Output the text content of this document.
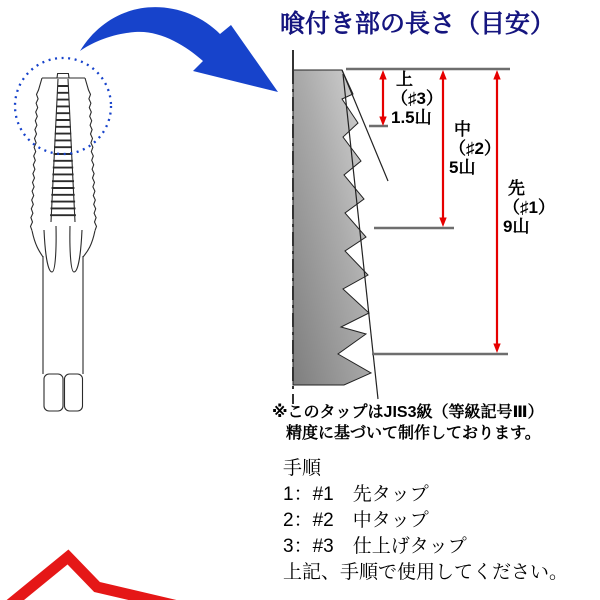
喰付き部の長さ（目安）
上
（♯3）
1.5山
中
（♯2）
5山
先
（♯1）
9山
※このタップはJIS3級（等級記号Ⅲ）
精度に基づいて制作しております。
手順
1：#1　先タップ
2：#2　中タップ
3：#3　仕上げタップ
上記、手順で使用してください。
